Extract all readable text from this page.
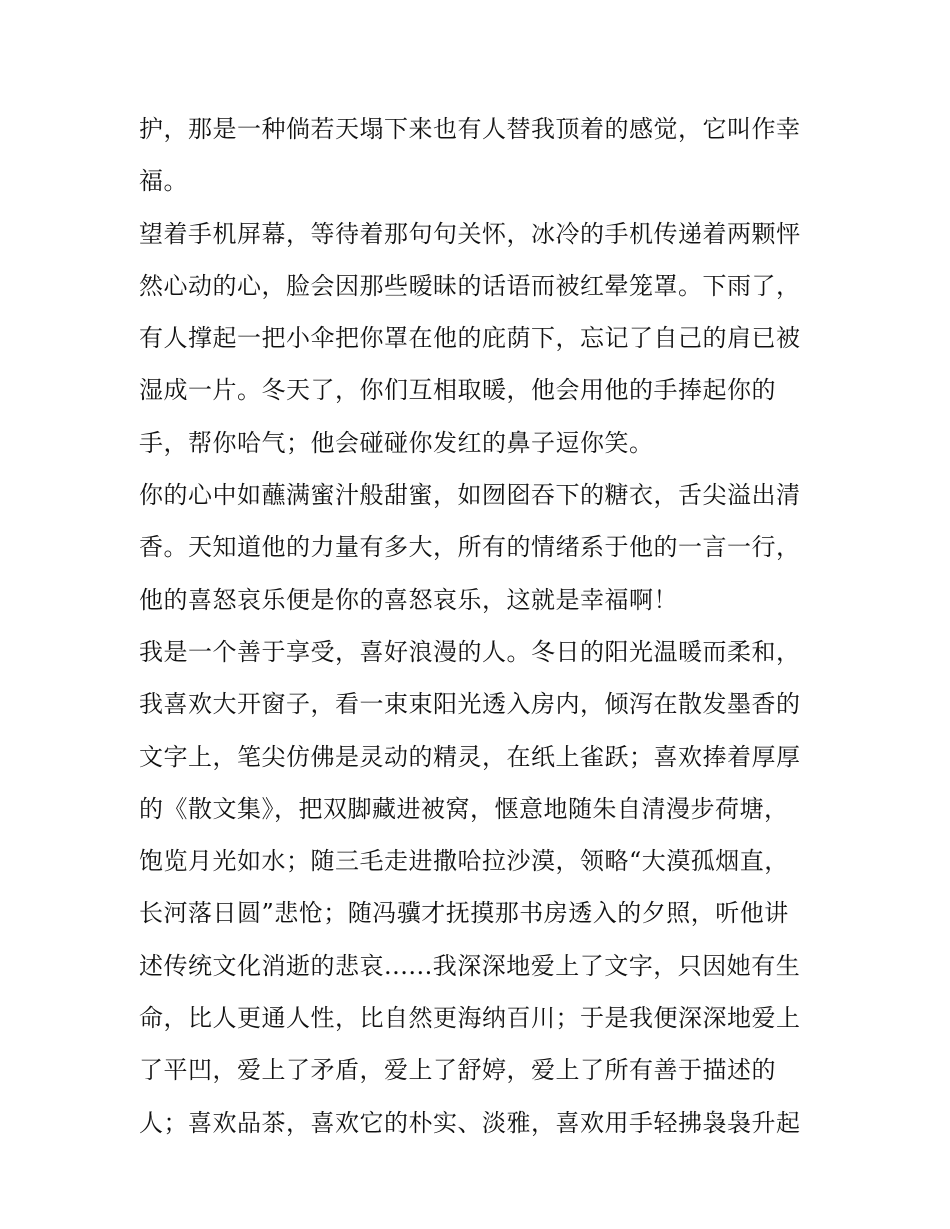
护，那是一种倘若天塌下来也有人替我顶着的感觉，它叫作幸
福。
望着手机屏幕，等待着那句句关怀，冰冷的手机传递着两颗怦
然心动的心，脸会因那些暧昧的话语而被红晕笼罩。下雨了，
有人撑起一把小伞把你罩在他的庇荫下，忘记了自己的肩已被
湿成一片。冬天了，你们互相取暖，他会用他的手捧起你的
手，帮你哈气；他会碰碰你发红的鼻子逗你笑。
你的心中如蘸满蜜汁般甜蜜，如囫囵吞下的糖衣，舌尖溢出清
香。天知道他的力量有多大，所有的情绪系于他的一言一行，
他的喜怒哀乐便是你的喜怒哀乐，这就是幸福啊！
我是一个善于享受，喜好浪漫的人。冬日的阳光温暖而柔和，
我喜欢大开窗子，看一束束阳光透入房内，倾泻在散发墨香的
文字上，笔尖仿佛是灵动的精灵，在纸上雀跃；喜欢捧着厚厚
的《散文集》，把双脚藏进被窝，惬意地随朱自清漫步荷塘，
饱览月光如水；随三毛走进撒哈拉沙漠，领略“大漠孤烟直，
长河落日圆”悲怆；随冯骥才抚摸那书房透入的夕照，听他讲
述传统文化消逝的悲哀......我深深地爱上了文字，只因她有生
命，比人更通人性，比自然更海纳百川；于是我便深深地爱上
了平凹，爱上了矛盾，爱上了舒婷，爱上了所有善于描述的
人；喜欢品茶，喜欢它的朴实、淡雅，喜欢用手轻拂袅袅升起
